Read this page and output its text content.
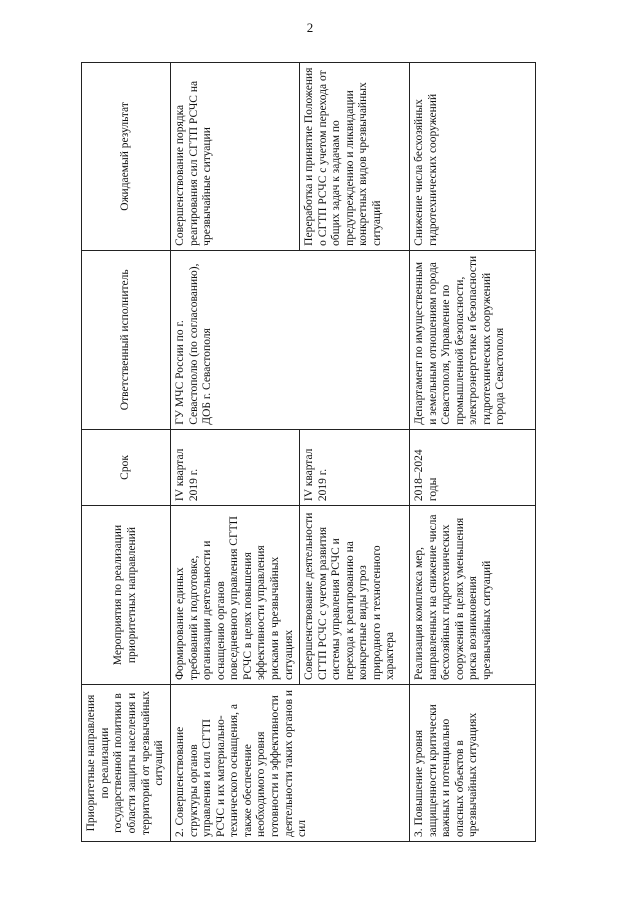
2
Приоритетные направления по реализации государственной политики в области защиты населения и территорий от чрезвычайных ситуаций	Мероприятия по реализации приоритетных направлений	Срок	Ответственный исполнитель	Ожидаемый результат
2. Совершенствование структуры органов управления и сил СГТП РСЧС и их материально-технического оснащения, а также обеспечение необходимого уровня готовности и эффективности деятельности таких органов и сил	Формирование единых требований к подготовке, организации деятельности и оснащению органов повседневного управления СГТП РСЧС в целях повышения эффективности управления рисками в чрезвычайных ситуациях	IV квартал 2019 г.	ГУ МЧС России по г. Севастополю (по согласованию), ДОБ г. Севастополя	Совершенствование порядка реагирования сил СГТП РСЧС на чрезвычайные ситуации
	Совершенствование деятельности СГТП РСЧС с учетом развития системы управления РСЧС и перехода к реагированию на конкретные виды угроз природного и техногенного характера	IV квартал 2019 г.		Переработка и принятие Положения о СГТП РСЧС с учетом перехода от общих задач к задачам по предупреждению и ликвидации конкретных видов чрезвычайных ситуаций
3. Повышение уровня защищенности критически важных и потенциально опасных объектов в чрезвычайных ситуациях	Реализация комплекса мер, направленных на снижение числа бесхозяйных гидротехнических сооружений в целях уменьшения риска возникновения чрезвычайных ситуаций	2018–2024 годы	Департамент по имущественным и земельным отношениям города Севастополя, Управление по промышленной безопасности, электроэнергетике и безопасности гидротехнических сооружений города Севастополя	Снижение числа бесхозяйных гидротехнических сооружений
